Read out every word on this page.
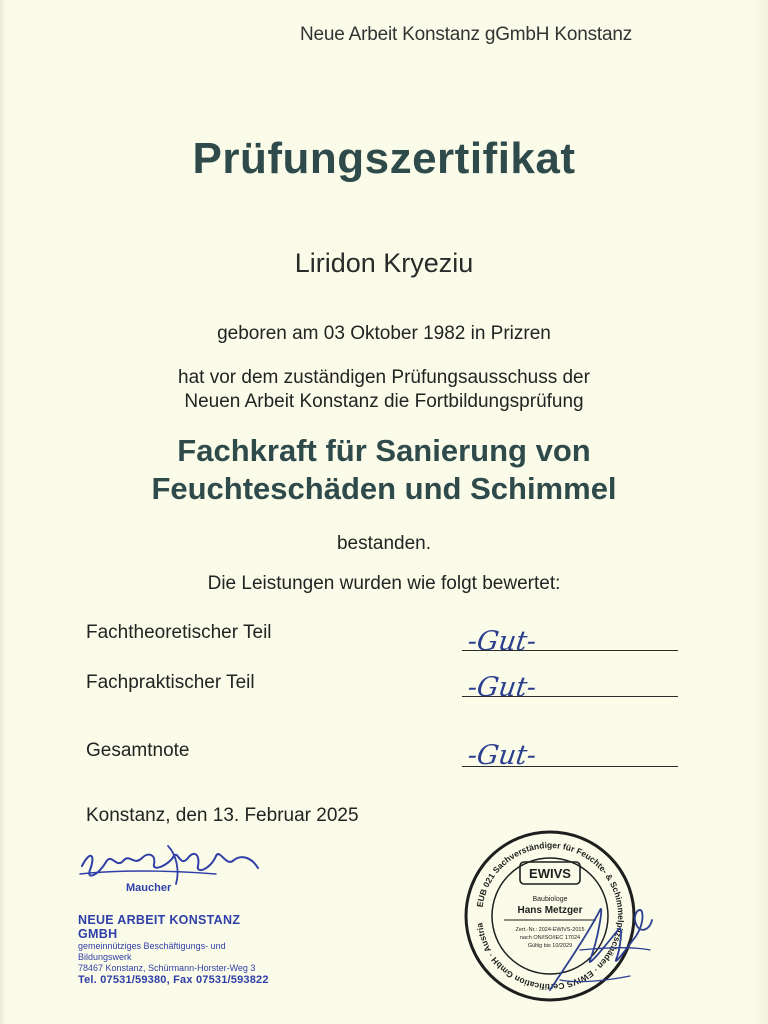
Neue Arbeit Konstanz gGmbH Konstanz
Prüfungszertifikat
Liridon Kryeziu
geboren am 03 Oktober 1982 in Prizren
hat vor dem zuständigen Prüfungsausschuss der
Neuen Arbeit Konstanz die Fortbildungsprüfung
Fachkraft für Sanierung von
Feuchteschäden und Schimmel
bestanden.
Die Leistungen wurden wie folgt bewertet:
Fachtheoretischer Teil	-Gut-
Fachpraktischer Teil	-Gut-
Gesamtnote	-Gut-
Konstanz, den 13. Februar 2025
Maucher
NEUE ARBEIT KONSTANZ GMBH
gemeinnütziges Beschäftigungs- und Bildungswerk
78467 Konstanz, Schürmann-Horster-Weg 3
Tel. 07531/59380, Fax 07531/593822
EUB 021 Sachverständiger für Feuchte- & Schimmelpilzschäden · EWIVS Certification GmbH · Austria
EWIVS
Baubiologe
Hans Metzger
Zert.-Nr.: 2024-EWIVS-2015
nach ON/ISO/IEC 17024
Gültig bis 10/2029
